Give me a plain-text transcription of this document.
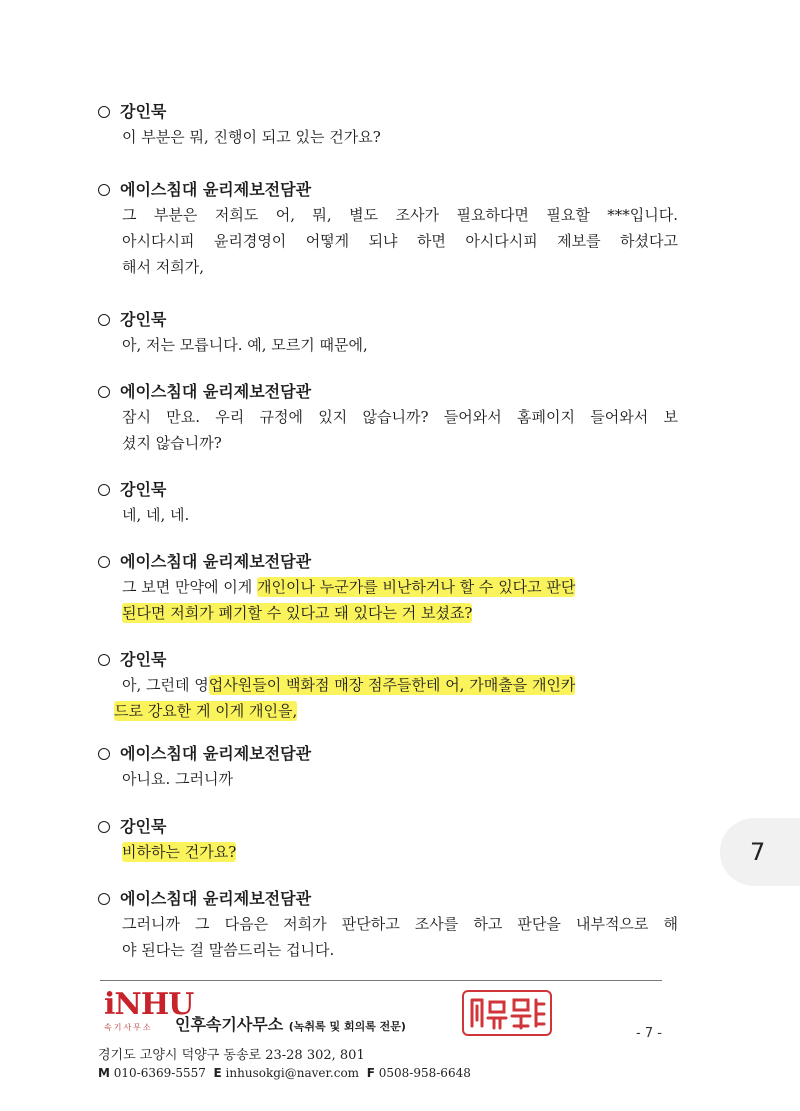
강인묵
이 부분은 뭐, 진행이 되고 있는 건가요?
에이스침대 윤리제보전담관
그 부분은 저희도 어, 뭐, 별도 조사가 필요하다면 필요할 ***입니다.
아시다시피 윤리경영이 어떻게 되냐 하면 아시다시피 제보를 하셨다고
해서 저희가,
강인묵
아, 저는 모릅니다. 예, 모르기 때문에,
에이스침대 윤리제보전담관
잠시 만요. 우리 규정에 있지 않습니까? 들어와서 홈페이지 들어와서 보
셨지 않습니까?
강인묵
네, 네, 네.
에이스침대 윤리제보전담관
그 보면 만약에 이게 개인이나 누군가를 비난하거나 할 수 있다고 판단
된다면 저희가 폐기할 수 있다고 돼 있다는 거 보셨죠?
강인묵
아, 그런데 영업사원들이 백화점 매장 점주들한테 어, 가매출을 개인카
드로 강요한 게 이게 개인을,
에이스침대 윤리제보전담관
아니요. 그러니까
강인묵
비하하는 건가요?
에이스침대 윤리제보전담관
그러니까 그 다음은 저희가 판단하고 조사를 하고 판단을 내부적으로 해
야 된다는 걸 말씀드리는 겁니다.
7
iNHU
속기사무소	인후속기사무소 (녹취록 및 회의록 전문)	- 7 -
경기도 고양시 덕양구 동송로 23-28 302, 801
M 010-6369-5557 E inhusokgi@naver.com F 0508-958-6648
